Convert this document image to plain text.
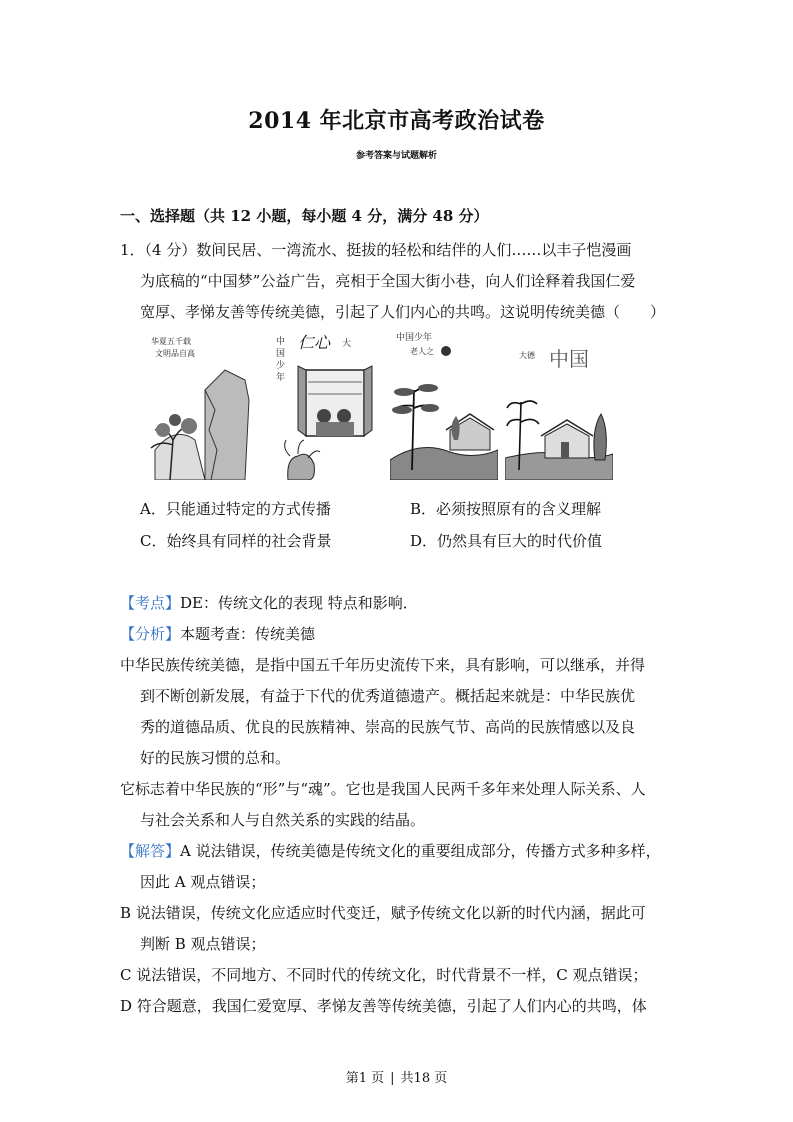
2014 年北京市高考政治试卷
参考答案与试题解析
一、选择题（共 12 小题，每小题 4 分，满分 48 分）
1．（4 分）数间民居、一湾流水、挺拔的轻松和结伴的人们……以丰子恺漫画
为底稿的“中国梦”公益广告，亮相于全国大街小巷，向人们诠释着我国仁爱
宽厚、孝悌友善等传统美德，引起了人们内心的共鸣。这说明传统美德（　　）
华夏五千载
文明品自高
中
国
少
年
仁心 大
中国少年
老人之	大德 中国
A．只能通过特定的方式传播	B．必须按照原有的含义理解
C．始终具有同样的社会背景	D．仍然具有巨大的时代价值
【考点】DE：传统文化的表现 特点和影响．
【分析】本题考查：传统美德
中华民族传统美德，是指中国五千年历史流传下来，具有影响，可以继承，并得
到不断创新发展，有益于下代的优秀道德遗产。概括起来就是：中华民族优
秀的道德品质、优良的民族精神、崇高的民族气节、高尚的民族情感以及良
好的民族习惯的总和。
它标志着中华民族的“形”与“魂”。它也是我国人民两千多年来处理人际关系、人
与社会关系和人与自然关系的实践的结晶。
【解答】A 说法错误，传统美德是传统文化的重要组成部分，传播方式多种多样，
因此 A 观点错误；
B 说法错误，传统文化应适应时代变迁，赋予传统文化以新的时代内涵，据此可
判断 B 观点错误；
C 说法错误，不同地方、不同时代的传统文化，时代背景不一样，C 观点错误；
D 符合题意，我国仁爱宽厚、孝悌友善等传统美德，引起了人们内心的共鸣，体
第1 页 | 共18 页
